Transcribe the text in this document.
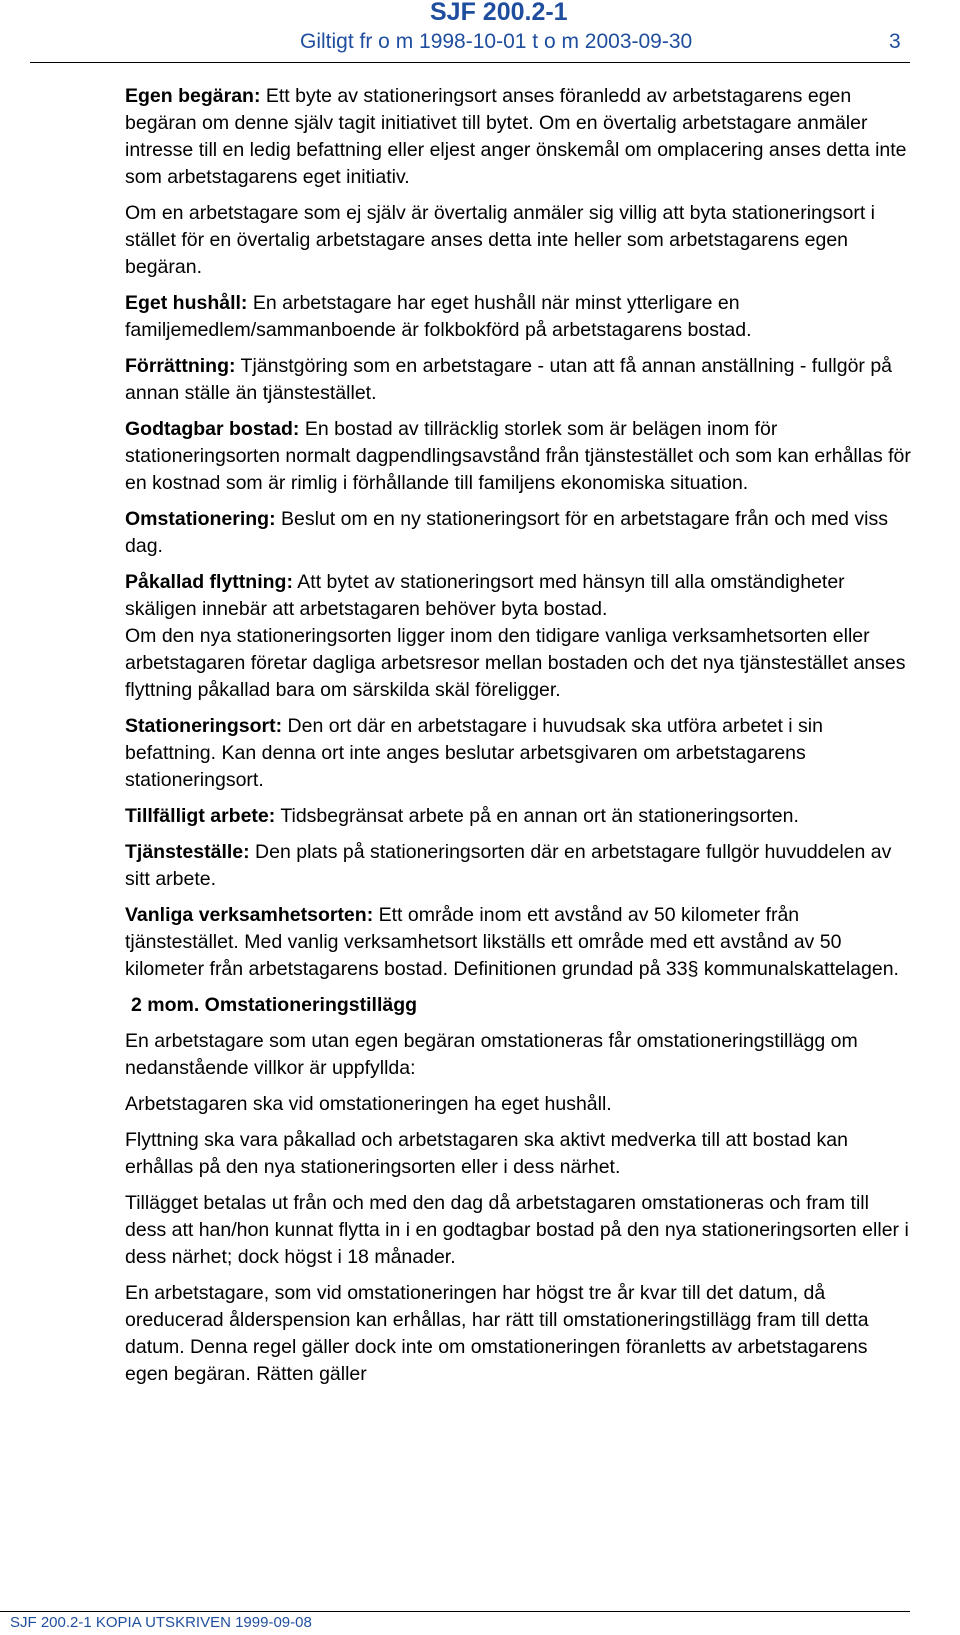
SJF 200.2-1
Giltigt fr o m 1998-10-01 t o m 2003-09-30	3

Egen begäran: Ett byte av stationeringsort anses föranledd av arbetstagarens egen begäran om denne själv tagit initiativet till bytet. Om en övertalig arbetstagare anmäler intresse till en ledig befattning eller eljest anger önskemål om omplacering anses detta inte som arbetstagarens eget initiativ.

Om en arbetstagare som ej själv är övertalig anmäler sig villig att byta stationeringsort i stället för en övertalig arbetstagare anses detta inte heller som arbetstagarens egen begäran.

Eget hushåll: En arbetstagare har eget hushåll när minst ytterligare en familjemedlem/sammanboende är folkbokförd på arbetstagarens bostad.

Förrättning: Tjänstgöring som en arbetstagare - utan att få annan anställning - fullgör på annan ställe än tjänstestället.

Godtagbar bostad: En bostad av tillräcklig storlek som är belägen inom för stationeringsorten normalt dagpendlingsavstånd från tjänstestället och som kan erhållas för en kostnad som är rimlig i förhållande till familjens ekonomiska situation.

Omstationering: Beslut om en ny stationeringsort för en arbetstagare från och med viss dag.

Påkallad flyttning: Att bytet av stationeringsort med hänsyn till alla omständigheter skäligen innebär att arbetstagaren behöver byta bostad.

Om den nya stationeringsorten ligger inom den tidigare vanliga verksamhetsorten eller arbetstagaren företar dagliga arbetsresor mellan bostaden och det nya tjänstestället anses flyttning påkallad bara om särskilda skäl föreligger.

Stationeringsort: Den ort där en arbetstagare i huvudsak ska utföra arbetet i sin befattning. Kan denna ort inte anges beslutar arbetsgivaren om arbetstagarens stationeringsort.

Tillfälligt arbete: Tidsbegränsat arbete på en annan ort än stationeringsorten.

Tjänsteställe: Den plats på stationeringsorten där en arbetstagare fullgör huvuddelen av sitt arbete.

Vanliga verksamhetsorten: Ett område inom ett avstånd av 50 kilometer från tjänstestället. Med vanlig verksamhetsort likställs ett område med ett avstånd av 50 kilometer från arbetstagarens bostad. Definitionen grundad på 33§ kommunalskattelagen.

2 mom. Omstationeringstillägg

En arbetstagare som utan egen begäran omstationeras får omstationeringstillägg om nedanstående villkor är uppfyllda:

Arbetstagaren ska vid omstationeringen ha eget hushåll.

Flyttning ska vara påkallad och arbetstagaren ska aktivt medverka till att bostad kan erhållas på den nya stationeringsorten eller i dess närhet.

Tillägget betalas ut från och med den dag då arbetstagaren omstationeras och fram till dess att han/hon kunnat flytta in i en godtagbar bostad på den nya stationeringsorten eller i dess närhet; dock högst i 18 månader.

En arbetstagare, som vid omstationeringen har högst tre år kvar till det datum, då oreducerad ålderspension kan erhållas, har rätt till omstationeringstillägg fram till detta datum. Denna regel gäller dock inte om omstationeringen föranletts av arbetstagarens egen begäran. Rätten gäller

SJF 200.2-1 KOPIA UTSKRIVEN 1999-09-08
